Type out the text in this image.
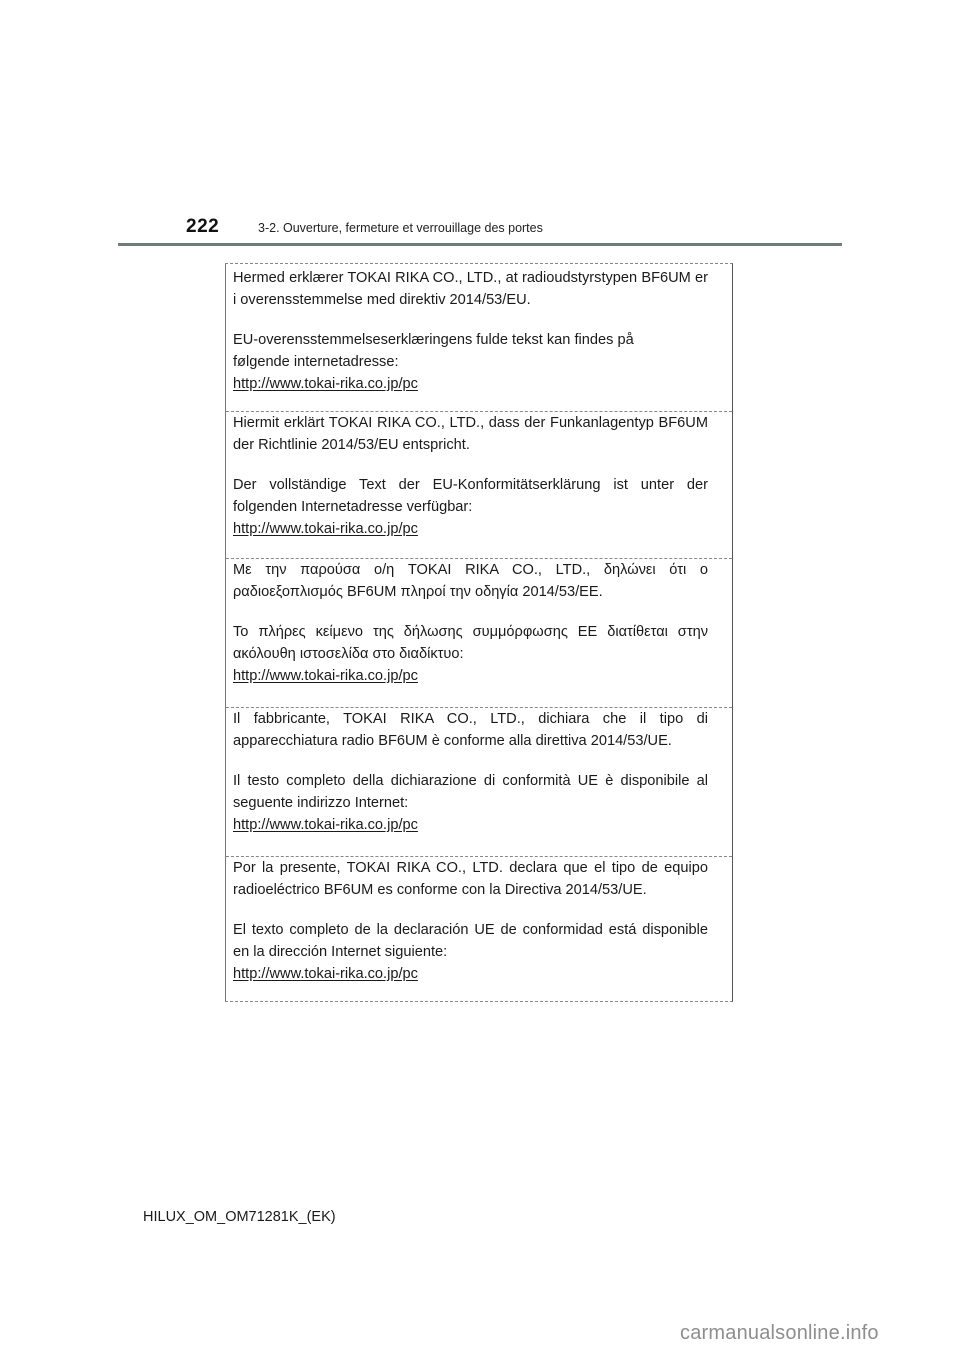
222	3-2. Ouverture, fermeture et verrouillage des portes

Hermed erklærer TOKAI RIKA CO., LTD., at radioudstyrstypen BF6UM er i overensstemmelse med direktiv 2014/53/EU.

EU-overensstemmelseserklæringens fulde tekst kan findes på

følgende internetadresse:

http://www.tokai-rika.co.jp/pc

Hiermit erklärt TOKAI RIKA CO., LTD., dass der Funkanlagentyp BF6UM der Richtlinie 2014/53/EU entspricht.

Der vollständige Text der EU-Konformitätserklärung ist unter der folgenden Internetadresse verfügbar:

http://www.tokai-rika.co.jp/pc

Με την παρούσα ο/η TOKAI RIKA CO., LTD., δηλώνει ότι ο ραδιοεξοπλισμός BF6UM πληροί την οδηγία 2014/53/ΕΕ.

Το πλήρες κείμενο της δήλωσης συμμόρφωσης ΕΕ διατίθεται στην ακόλουθη ιστοσελίδα στο διαδίκτυο:

http://www.tokai-rika.co.jp/pc

Il fabbricante, TOKAI RIKA CO., LTD., dichiara che il tipo di apparecchiatura radio BF6UM è conforme alla direttiva 2014/53/UE.

Il testo completo della dichiarazione di conformità UE è disponibile al seguente indirizzo Internet:

http://www.tokai-rika.co.jp/pc

Por la presente, TOKAI RIKA CO., LTD. declara que el tipo de equipo radioeléctrico BF6UM es conforme con la Directiva 2014/53/UE.

El texto completo de la declaración UE de conformidad está disponible en la dirección Internet siguiente:

http://www.tokai-rika.co.jp/pc
HILUX_OM_OM71281K_(EK)
carmanualsonline.info
